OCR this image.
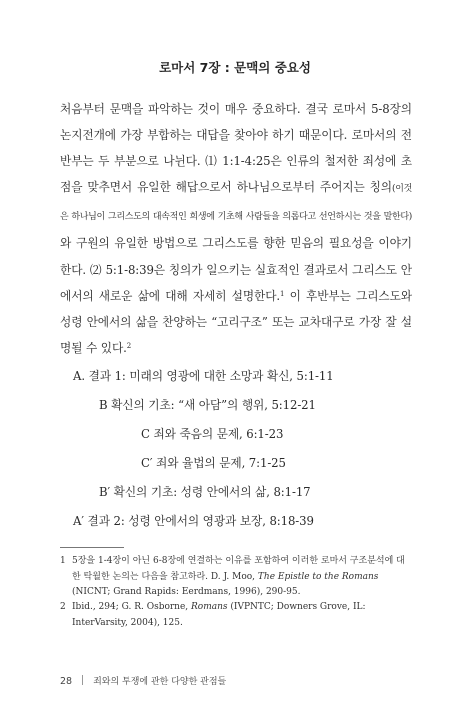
로마서 7장 : 문맥의 중요성
처음부터 문맥을 파악하는 것이 매우 중요하다. 결국 로마서 5-8장의 논지전개에 가장 부합하는 대답을 찾아야 하기 때문이다. 로마서의 전반부는 두 부분으로 나뉜다. ⑴ 1:1-4:25은 인류의 철저한 죄성에 초점을 맞추면서 유일한 해답으로서 하나님으로부터 주어지는 칭의(이것은 하나님이 그리스도의 대속적인 희생에 기초해 사람들을 의롭다고 선언하시는 것을 말한다)와 구원의 유일한 방법으로 그리스도를 향한 믿음의 필요성을 이야기한다. ⑵ 5:1-8:39은 칭의가 일으키는 실효적인 결과로서 그리스도 안에서의 새로운 삶에 대해 자세히 설명한다.$^1$ 이 후반부는 그리스도와 성령 안에서의 삶을 찬양하는 “고리구조” 또는 교차대구로 가장 잘 설명될 수 있다.$^2$
A. 결과 1: 미래의 영광에 대한 소망과 확신, 5:1-11
B 확신의 기초: “새 아담”의 행위, 5:12-21
C 죄와 죽음의 문제, 6:1-23
C′ 죄와 율법의 문제, 7:1-25
B′ 확신의 기초: 성령 안에서의 삶, 8:1-17
A′ 결과 2: 성령 안에서의 영광과 보장, 8:18-39
1 5장을 1-4장이 아닌 6-8장에 연결하는 이유를 포함하여 이러한 로마서 구조분석에 대한 탁월한 논의는 다음을 참고하라. D. J. Moo, The Epistle to the Romans (NICNT; Grand Rapids: Eerdmans, 1996), 290-95.
2 Ibid., 294; G. R. Osborne, Romans (IVPNTC; Downers Grove, IL: InterVarsity, 2004), 125.
28 죄와의 투쟁에 관한 다양한 관점들
